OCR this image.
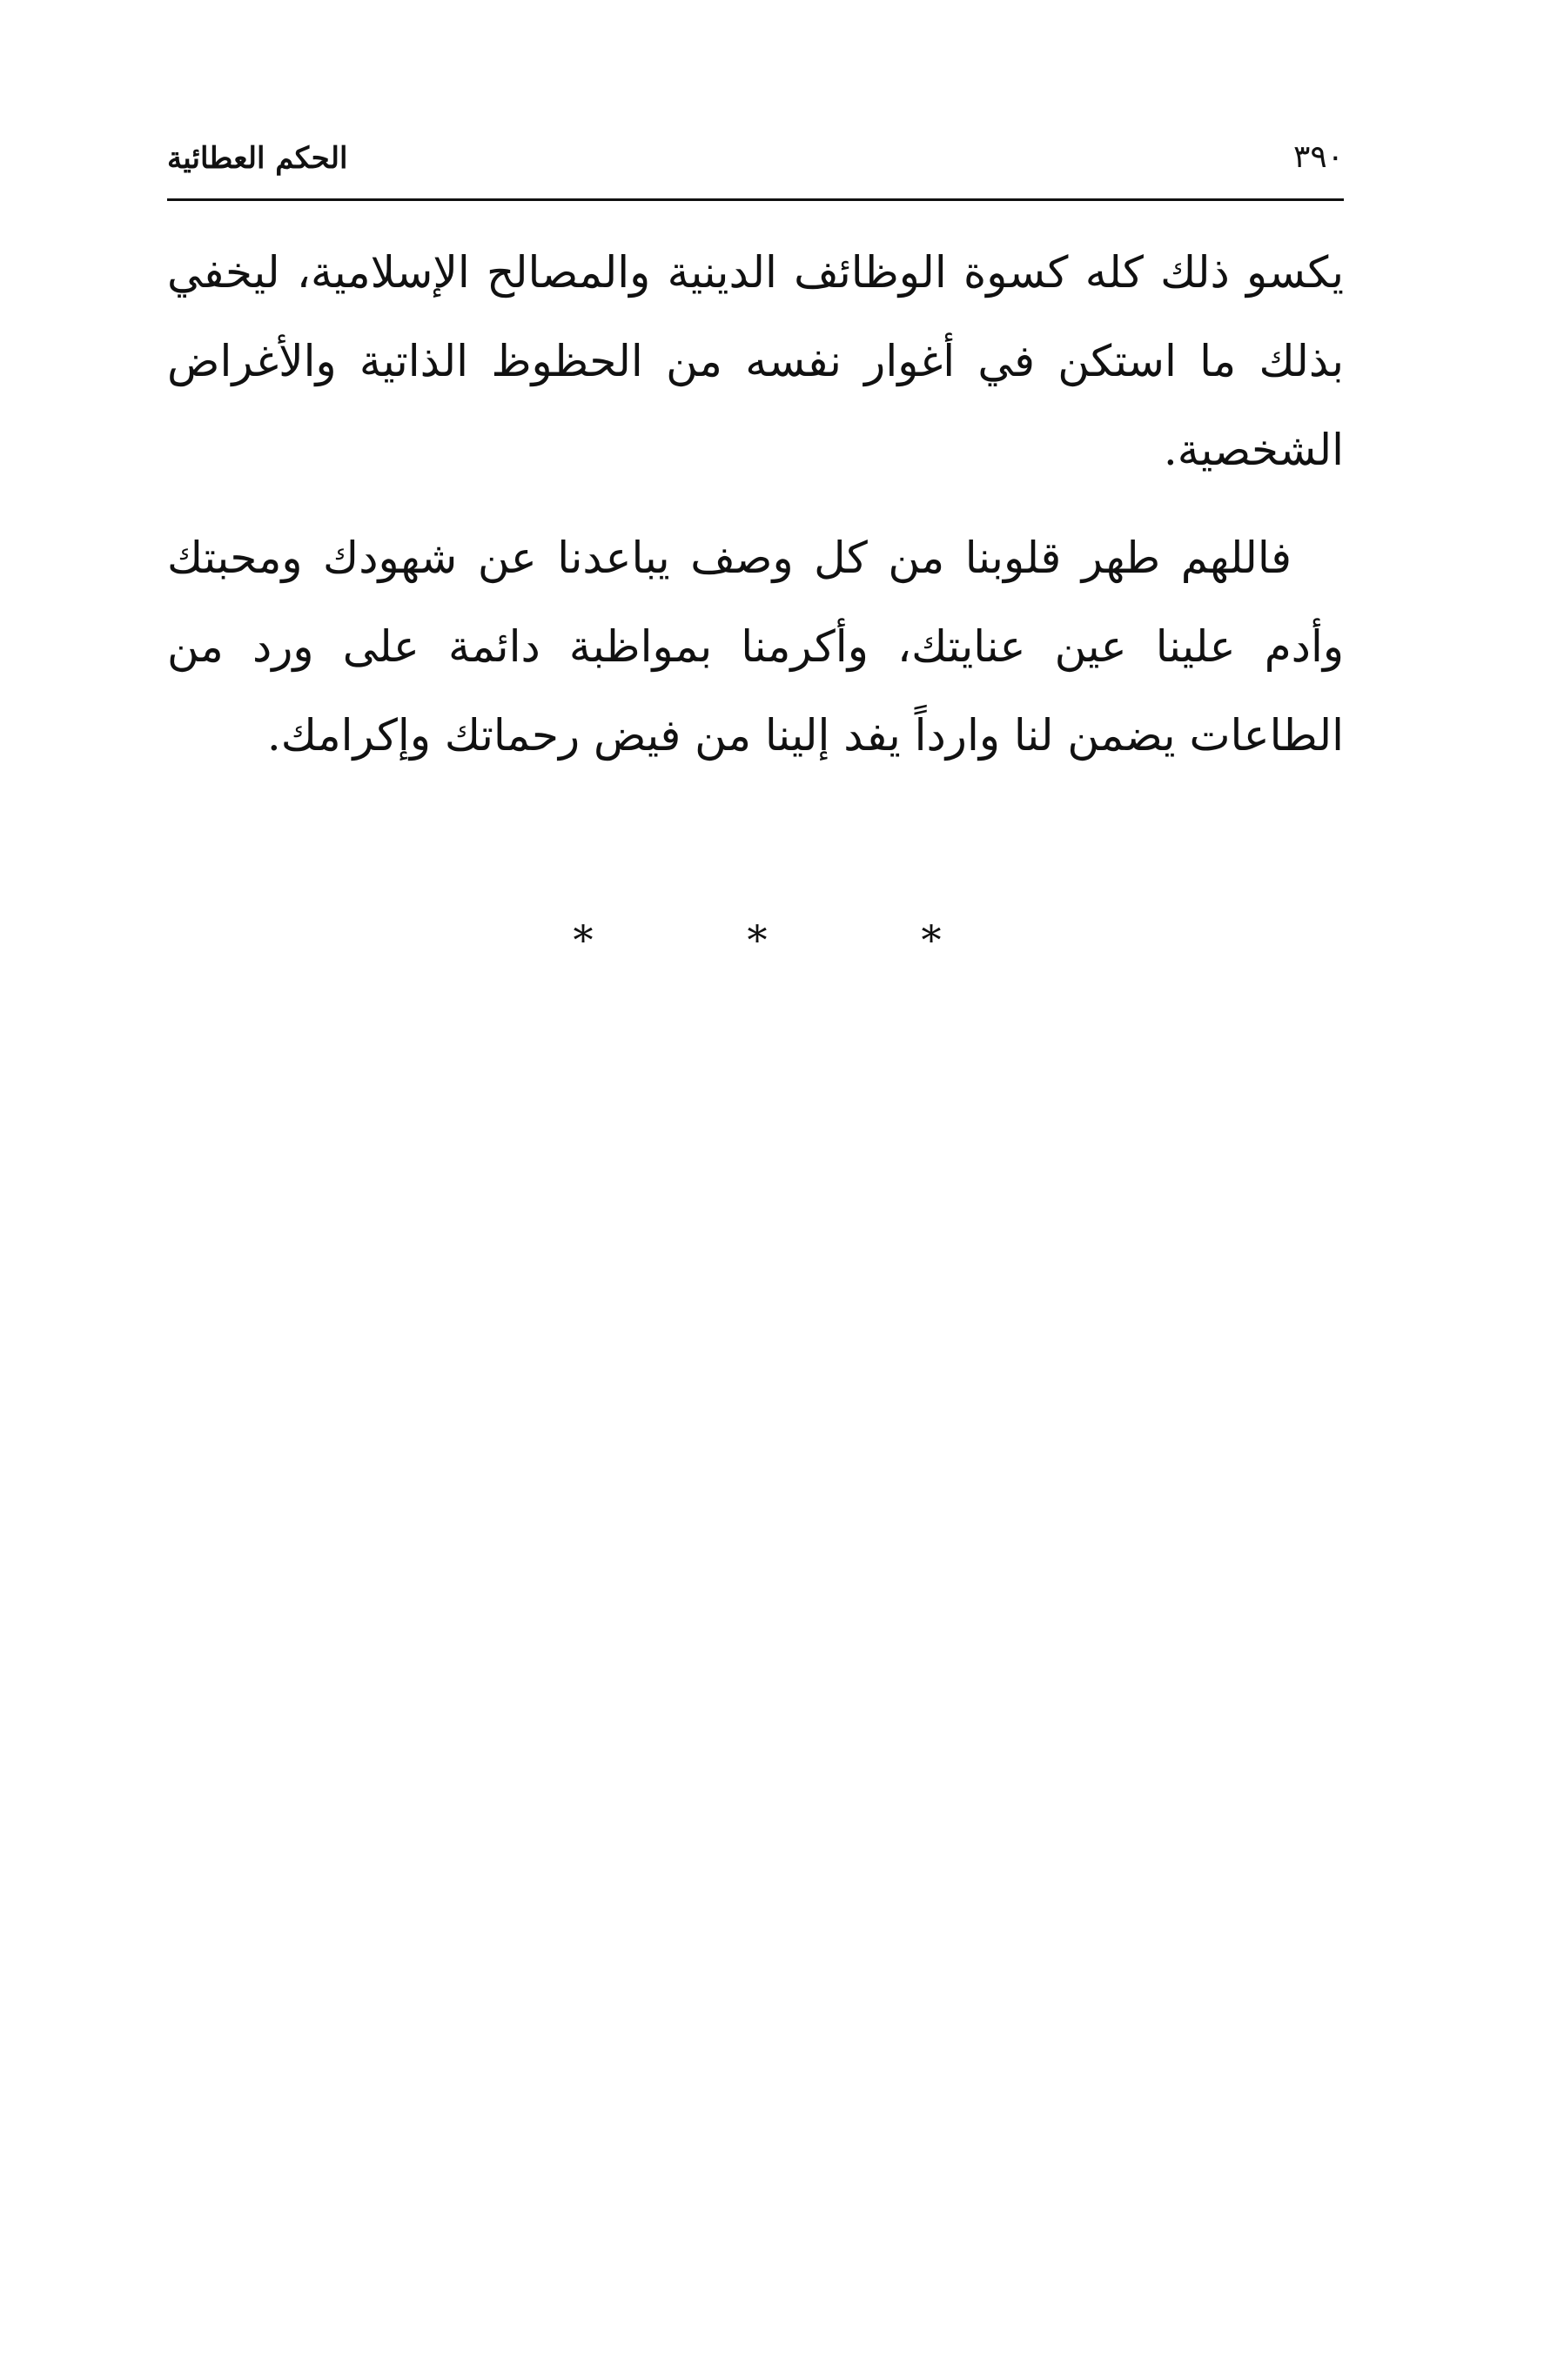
الحكم العطائية	٣٩٠

يكسو ذلك كله كسوة الوظائف الدينية والمصالح الإسلامية، ليخفي بذلك ما استكن في أغوار نفسه من الحظوظ الذاتية والأغراض الشخصية.

فاللهم طهر قلوبنا من كل وصف يباعدنا عن شهودك ومحبتك وأدم علينا عين عنايتك، وأكرمنا بمواظبة دائمة على ورد من الطاعات يضمن لنا وارداً يفد إلينا من فيض رحماتك وإكرامك.

*	*	*
